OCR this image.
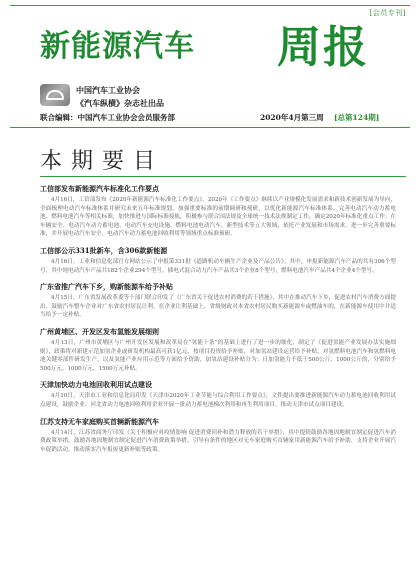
[会员专刊]
新能源汽车 周报
中国汽车工业协会
《汽车纵横》杂志社出品
联合编辑：中国汽车工业协会会员服务部	2020年4月第三周 [总第124期]
本期要目
工信部发布新能源汽车标准化工作要点
4月16日，工信部发布《2020年新能源汽车标准化工作要点》。2020年《工作要点》继续以产业规模化发展需求和新技术创新发展为导向，全面梳理电动汽车标准体系并研究未来五年标准规划，加强重要标准的前期调研和预研，以优化新能源汽车标准体系，完善电动汽车动力蓄电池、燃料电池汽车等相关标准，加快推进与国际标准接轨，积极参与联合国法规及全球统一技术法规制定工作，确定2020年标准化重点工作；在车辆安全、电动汽车动力蓄电池、电动汽车充电设施、燃料电池电动汽车、新型技术等五大领域，依托产业发展和市场需求，进一步完善重要标准，并开展电动汽车安全、电动汽车动力蓄电池回收利用等领域重点标准预研。
工信部公示331批新车，含306款新能源
4月16日，工业和信息化部官方网站公示了申报第331批《道路机动车辆生产企业及产品公告》。其中，申报新能源汽车产品的共有306个型号，其中纯电动汽车产品共182个企业294个型号，插电式混合动力汽车产品共3个企业8个型号，燃料电池汽车产品共4个企业4个型号。
广东省推广汽车下乡，购新能源车给予补贴
4月15日，广东省发展改革委等十部门联合印发了《广东省关于促进农村消费的若干措施》，其中在推动汽车下乡，促进农村汽车消费方面提出，鼓励汽车整车企业对广东省农村居民让利，在企业让利基础上，省级财政对本省农村居民购买新能源车或燃油车的，在新能源车使用中并适当给予一定补贴。
广州黄埔区、开发区发布氢能发展细则
4月13日，广州市黄埔区与广州开发区发展和改革局在“氢能十条”的基础上进行了进一步的细化，制定了《促进氢能产业发展办法实施细则》，政策将对新建示范加氢企业或研发机构最高可获1亿元、按项目投资给予补贴，对加氢站建设运营给予补贴，对氢燃料电池汽车和氢燃料电池关键零部件研发生产，以及氢能产业应用示范等方面给予资助，加氢站建设补贴分为：日加氢能力不低于500公斤、1000公斤的，分别给予500万元、1000万元、1500万元补贴。
天津加快动力电池回收利用试点建设
4月10日，天津市工业和信息化局印发《天津市2020年工业节能与综合利用工作要点》，文件提出要推进新能源汽车动力蓄电池回收利用试点建设，鼓励企业、河北省动力电池回收利用企业开展一批动力蓄电池梯次利用和再生利用项目，推动天津市试点项目建设。
江苏支持无车家庭购买首辆新能源汽车
4月14日，江苏省商务厅印发《关于积极应对疫情影响 促进消费回补和潜力释放的若干举措》，其中提到鼓励各地因地制宜制定促进汽车消费政策举措。鼓励各地因地制宜制定促进汽车消费政策举措，引导有条件的地区对无车家庭购买首辆家用新能源汽车给予补助，支持企业开展汽车促销活动，推动落实汽车报废更新补贴等政策。
